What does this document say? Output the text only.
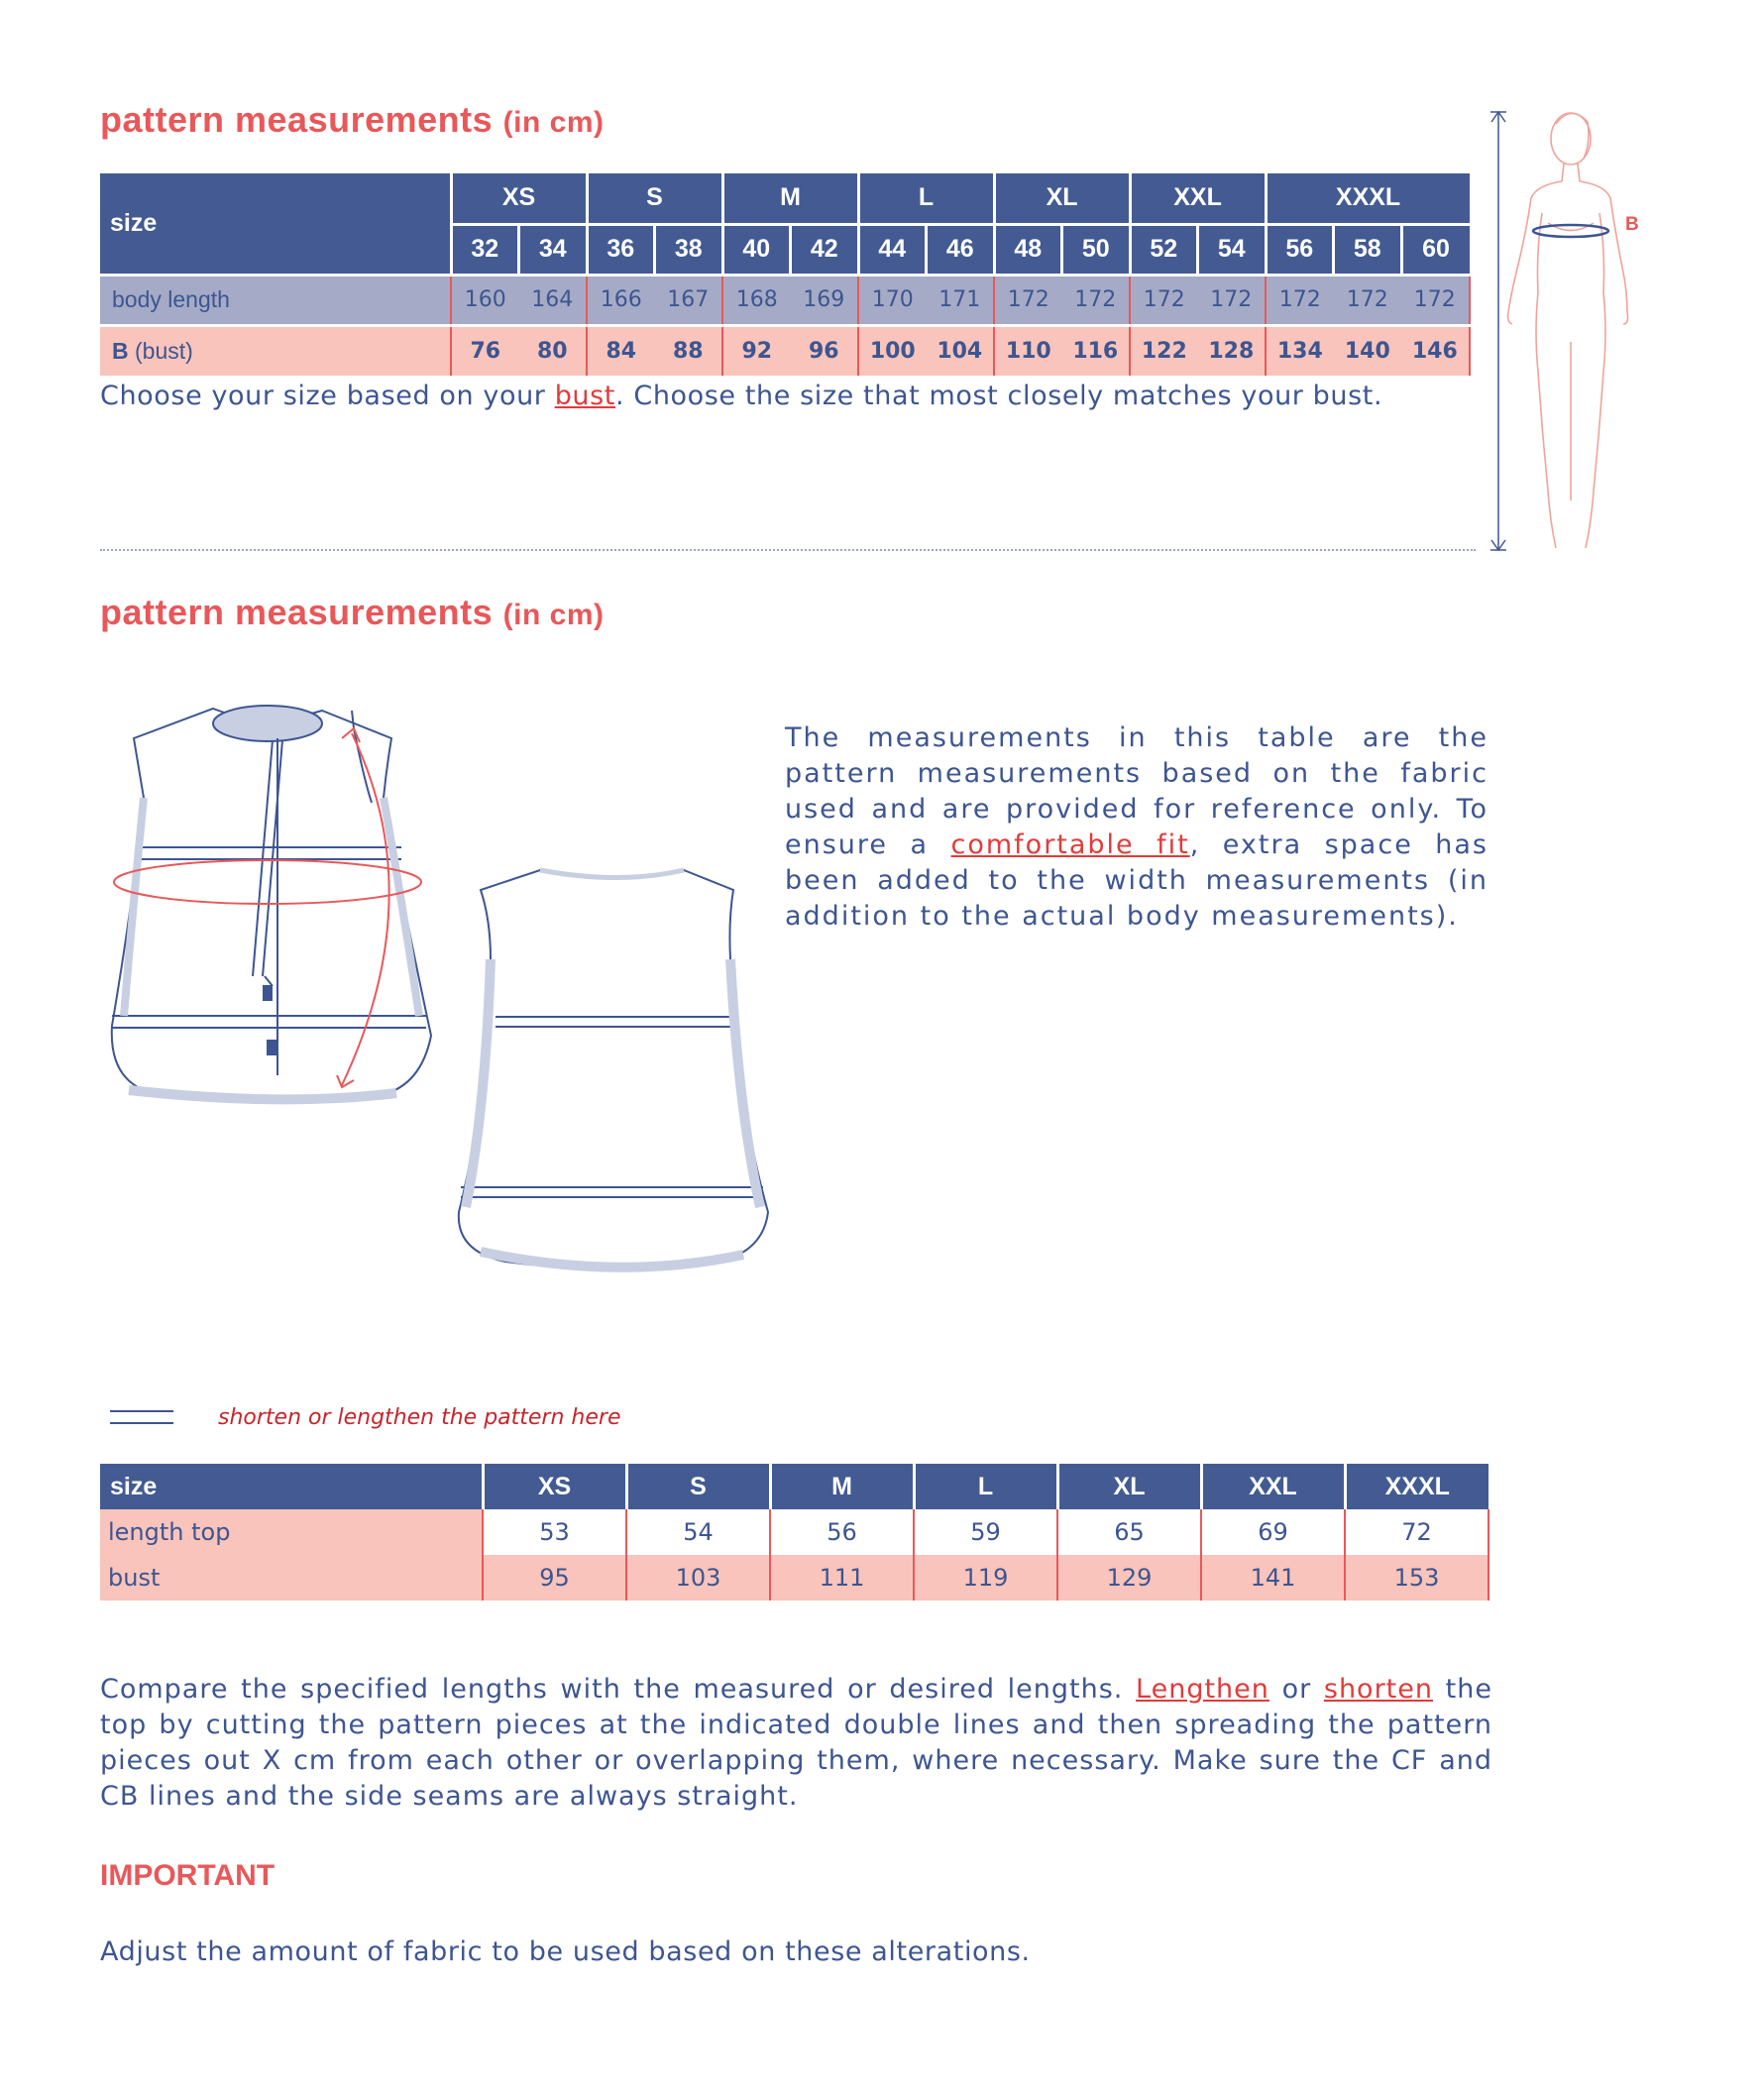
pattern measurements (in cm)
size	XS		S		M		L		XL		XXL		XXXL		
	32	34	36	38	40	42	44	46	48	50	52	54	56	58	60
body length	160	164	166	167	168	169	170	171	172	172	172	172	172	172	172
B (bust)	76	80	84	88	92	96	100	104	110	116	122	128	134	140	146
Choose your size based on your bust. Choose the size that most closely matches your bust.
B
pattern measurements (in cm)
The measurements in this table are the pattern measurements based on the fabric used and are provided for reference only. To ensure a comfortable fit, extra space has been added to the width measurements (in addition to the actual body measurements).
shorten or lengthen the pattern here
size	XS	S	M	L	XL	XXL	XXXL
length top	53	54	56	59	65	69	72
bust	95	103	111	119	129	141	153
Compare the specified lengths with the measured or desired lengths. Lengthen or shorten the top by cutting the pattern pieces at the indicated double lines and then spreading the pattern pieces out X cm from each other or overlapping them, where necessary. Make sure the CF and CB lines and the side seams are always straight.
IMPORTANT
Adjust the amount of fabric to be used based on these alterations.
